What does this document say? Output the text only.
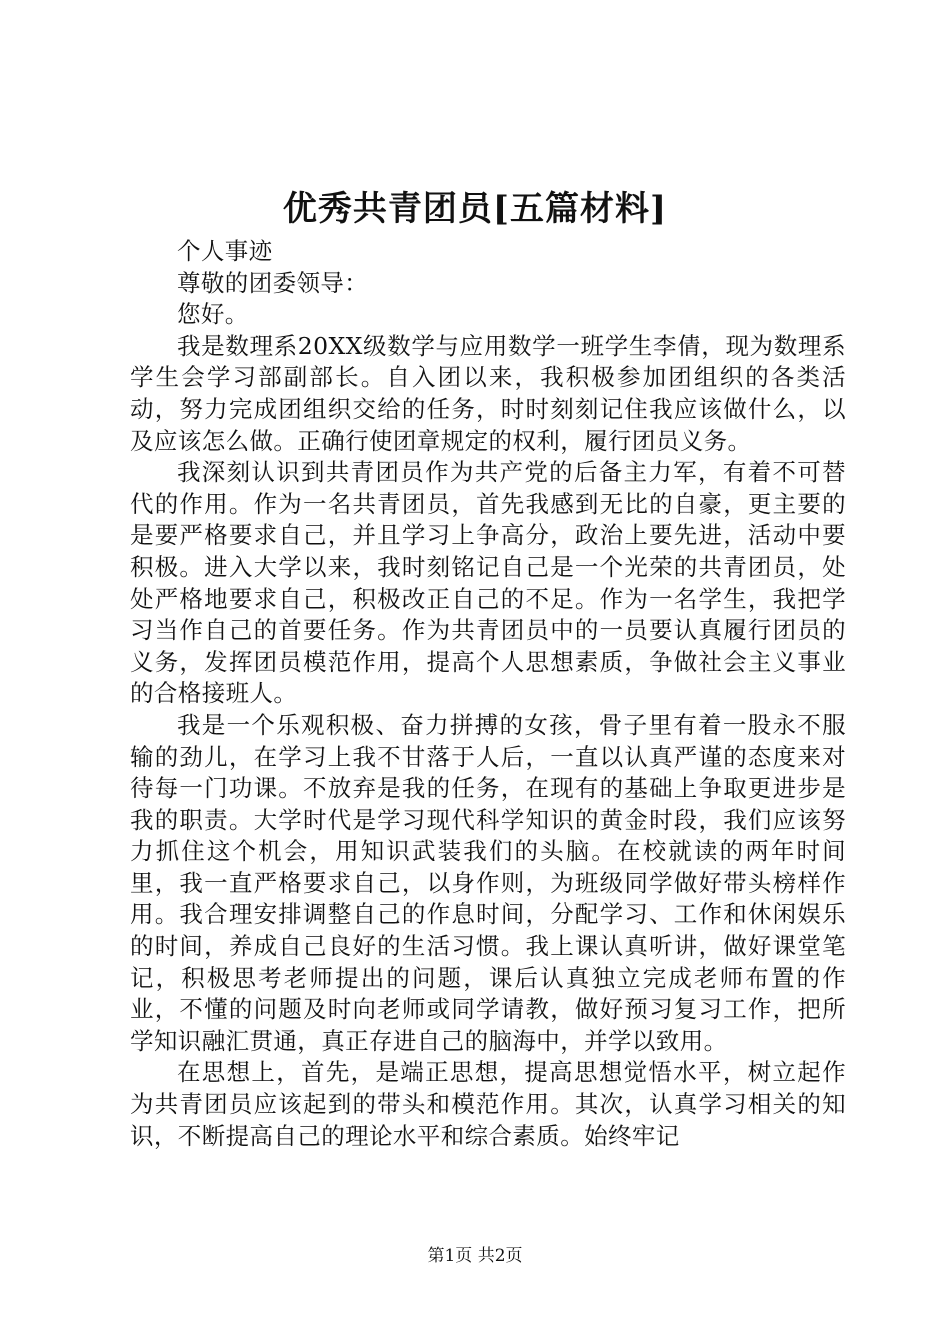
优秀共青团员[五篇材料]

个人事迹

尊敬的团委领导：

您好。

我是数理系20XX级数学与应用数学一班学生李倩，现为数理系学生会学习部副部长。自入团以来，我积极参加团组织的各类活动，努力完成团组织交给的任务，时时刻刻记住我应该做什么，以及应该怎么做。正确行使团章规定的权利，履行团员义务。

我深刻认识到共青团员作为共产党的后备主力军，有着不可替代的作用。作为一名共青团员，首先我感到无比的自豪，更主要的是要严格要求自己，并且学习上争高分，政治上要先进，活动中要积极。进入大学以来，我时刻铭记自己是一个光荣的共青团员，处处严格地要求自己，积极改正自己的不足。作为一名学生，我把学习当作自己的首要任务。作为共青团员中的一员要认真履行团员的义务，发挥团员模范作用，提高个人思想素质，争做社会主义事业的合格接班人。

我是一个乐观积极、奋力拼搏的女孩，骨子里有着一股永不服输的劲儿，在学习上我不甘落于人后，一直以认真严谨的态度来对待每一门功课。不放弃是我的任务，在现有的基础上争取更进步是我的职责。大学时代是学习现代科学知识的黄金时段，我们应该努力抓住这个机会，用知识武装我们的头脑。在校就读的两年时间里，我一直严格要求自己，以身作则，为班级同学做好带头榜样作用。我合理安排调整自己的作息时间，分配学习、工作和休闲娱乐的时间，养成自己良好的生活习惯。我上课认真听讲，做好课堂笔记，积极思考老师提出的问题，课后认真独立完成老师布置的作业，不懂的问题及时向老师或同学请教，做好预习复习工作，把所学知识融汇贯通，真正存进自己的脑海中，并学以致用。

在思想上，首先，是端正思想，提高思想觉悟水平，树立起作为共青团员应该起到的带头和模范作用。其次，认真学习相关的知识，不断提高自己的理论水平和综合素质。始终牢记

第1页 共2页
